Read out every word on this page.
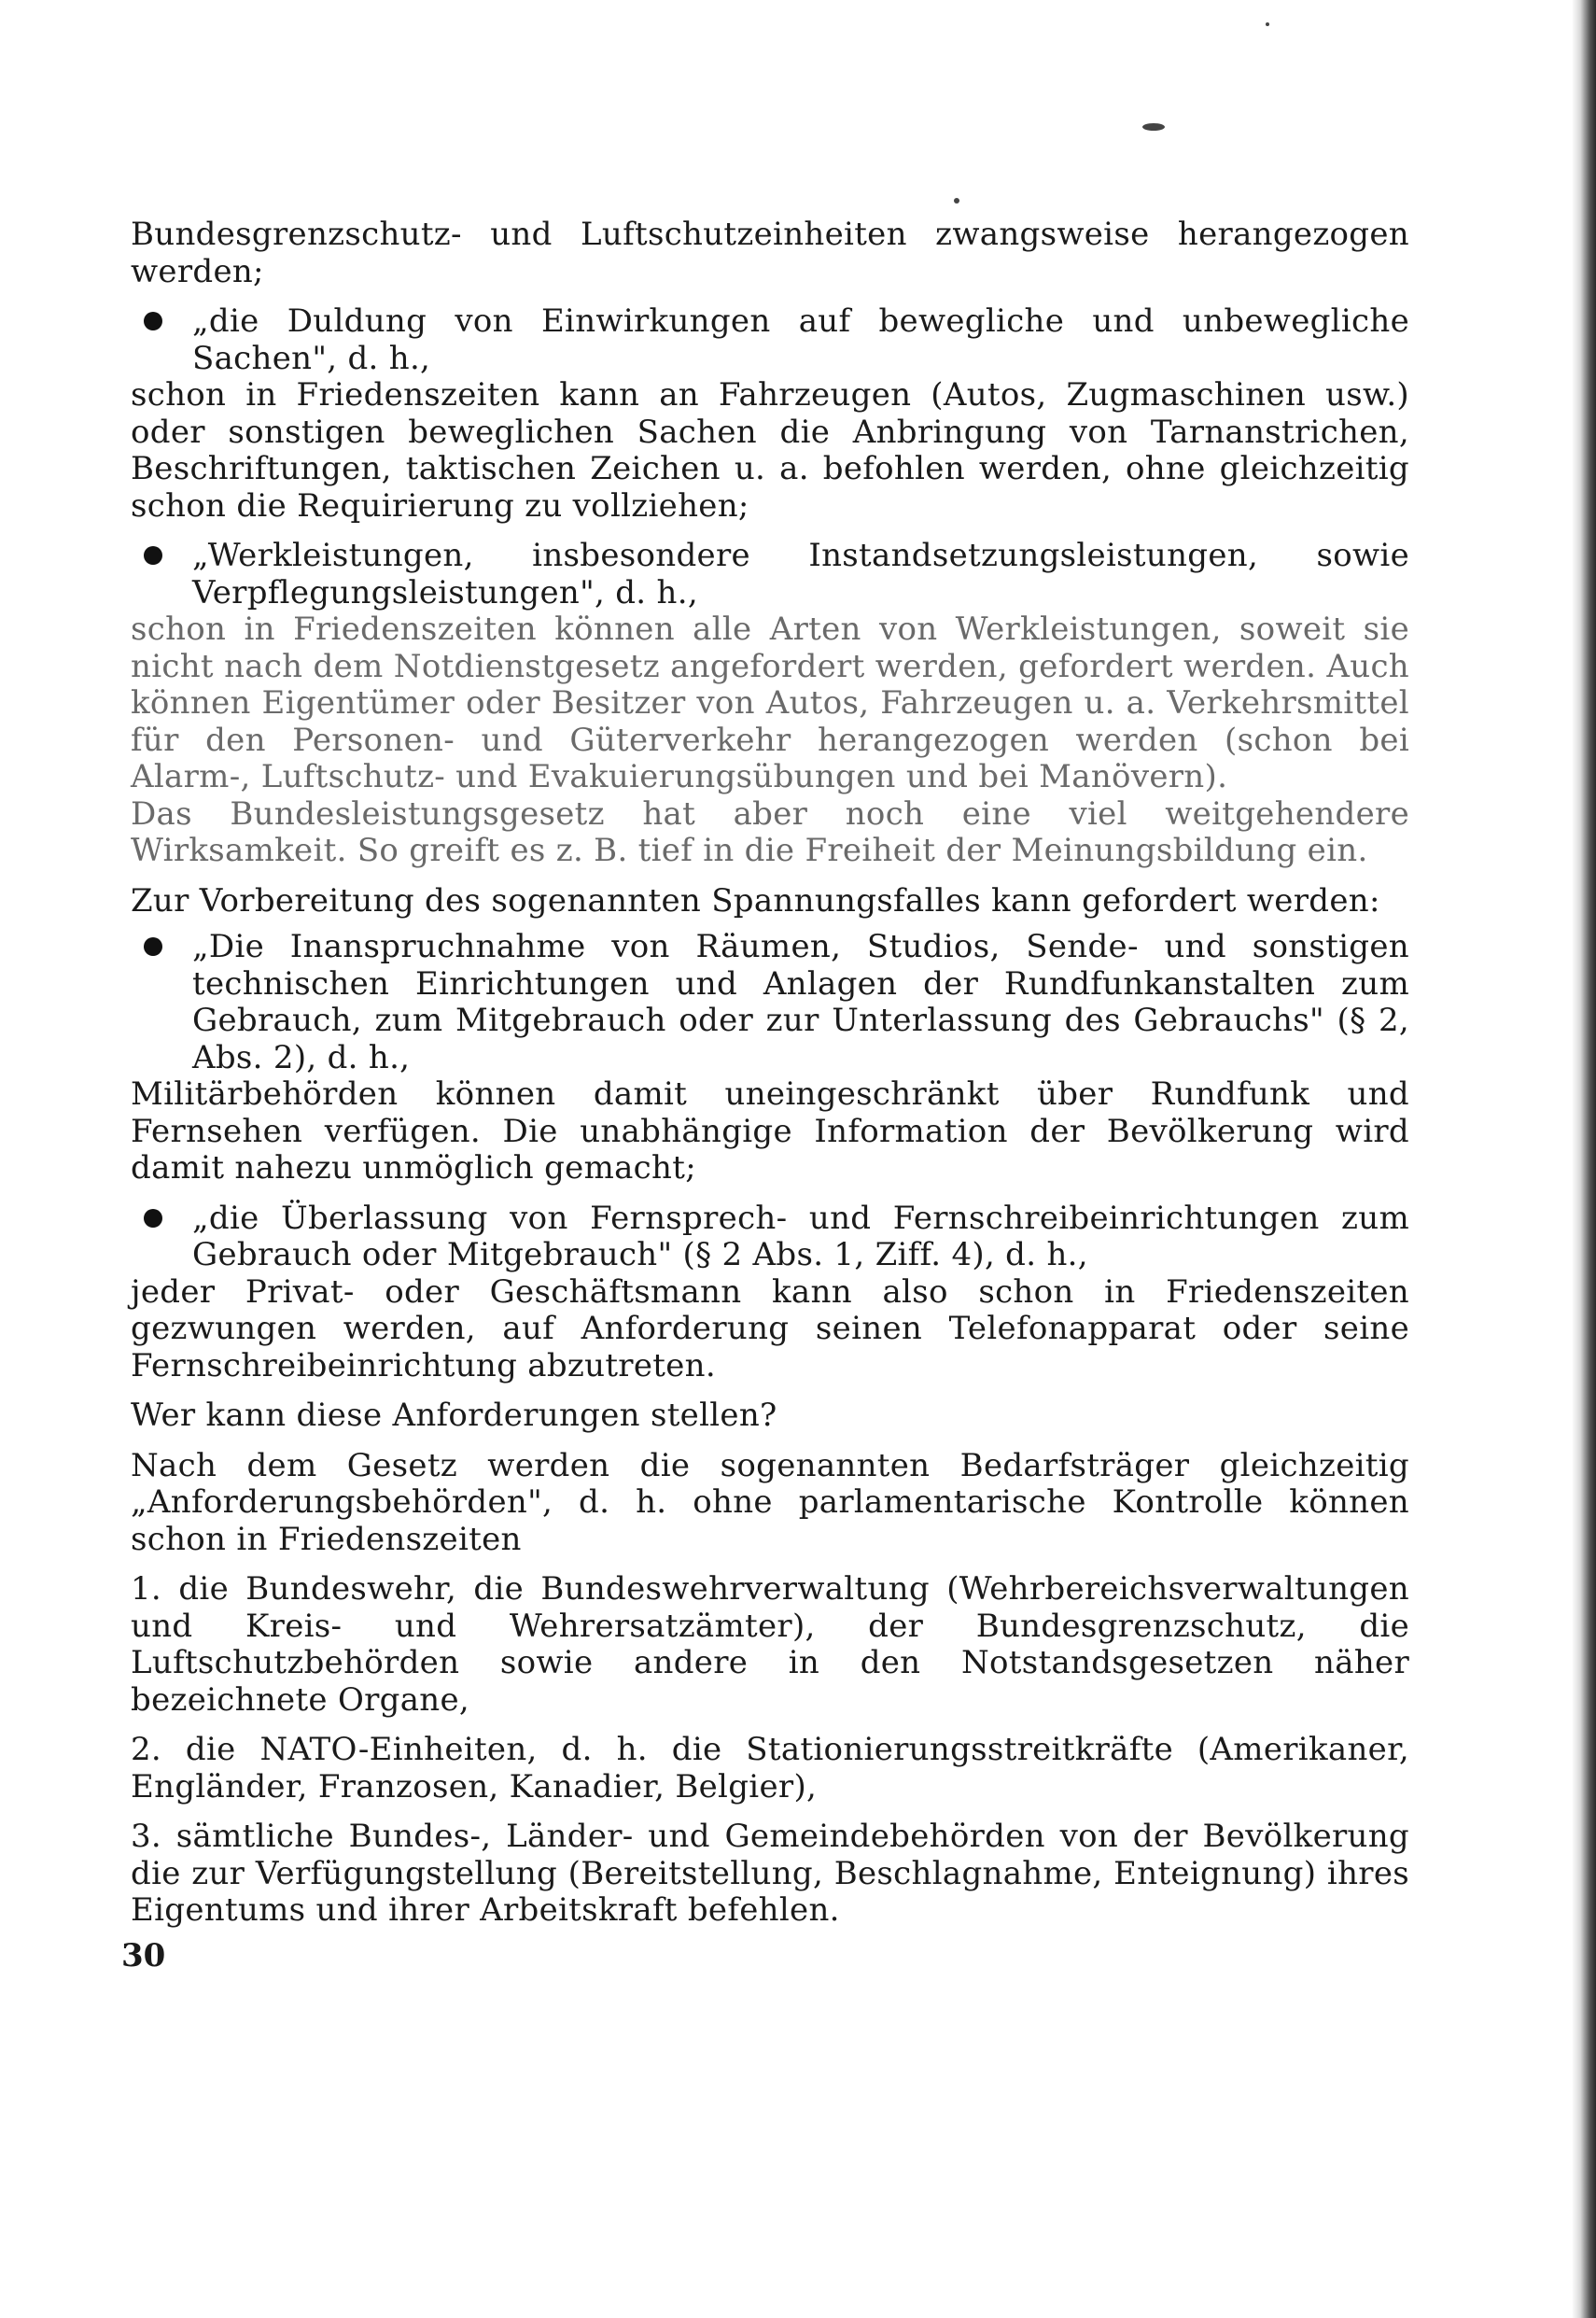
Bundesgrenzschutz- und Luftschutzeinheiten zwangsweise herangezogen werden;

„die Duldung von Einwirkungen auf bewegliche und unbewegliche Sachen", d. h.,

schon in Friedenszeiten kann an Fahrzeugen (Autos, Zugmaschinen usw.) oder sonstigen beweglichen Sachen die Anbringung von Tarnanstrichen, Beschriftungen, taktischen Zeichen u. a. befohlen werden, ohne gleichzeitig schon die Requirierung zu vollziehen;

„Werkleistungen, insbesondere Instandsetzungsleistungen, sowie Verpflegungsleistungen", d. h.,

schon in Friedenszeiten können alle Arten von Werkleistungen, soweit sie nicht nach dem Notdienstgesetz angefordert werden, gefordert werden. Auch können Eigentümer oder Besitzer von Autos, Fahrzeugen u. a. Verkehrsmittel für den Personen- und Güterverkehr herangezogen werden (schon bei Alarm-, Luftschutz- und Evakuierungsübungen und bei Manövern).

Das Bundesleistungsgesetz hat aber noch eine viel weitgehendere Wirksamkeit. So greift es z. B. tief in die Freiheit der Meinungsbildung ein.

Zur Vorbereitung des sogenannten Spannungsfalles kann gefordert werden:

„Die Inanspruchnahme von Räumen, Studios, Sende- und sonstigen technischen Einrichtungen und Anlagen der Rundfunkanstalten zum Gebrauch, zum Mitgebrauch oder zur Unterlassung des Gebrauchs" (§ 2, Abs. 2), d. h.,

Militärbehörden können damit uneingeschränkt über Rundfunk und Fernsehen verfügen. Die unabhängige Information der Bevölkerung wird damit nahezu unmöglich gemacht;

„die Überlassung von Fernsprech- und Fernschreibeinrichtungen zum Gebrauch oder Mitgebrauch" (§ 2 Abs. 1, Ziff. 4), d. h.,

jeder Privat- oder Geschäftsmann kann also schon in Friedenszeiten gezwungen werden, auf Anforderung seinen Telefonapparat oder seine Fernschreibeinrichtung abzutreten.

Wer kann diese Anforderungen stellen?

Nach dem Gesetz werden die sogenannten Bedarfsträger gleichzeitig „Anforderungsbehörden", d. h. ohne parlamentarische Kontrolle können schon in Friedenszeiten

1. die Bundeswehr, die Bundeswehrverwaltung (Wehrbereichsverwaltungen und Kreis- und Wehrersatzämter), der Bundesgrenzschutz, die Luftschutzbehörden sowie andere in den Notstandsgesetzen näher bezeichnete Organe,

2. die NATO-Einheiten, d. h. die Stationierungsstreitkräfte (Amerikaner, Engländer, Franzosen, Kanadier, Belgier),

3. sämtliche Bundes-, Länder- und Gemeindebehörden von der Bevölkerung die zur Verfügungstellung (Bereitstellung, Beschlagnahme, Enteignung) ihres Eigentums und ihrer Arbeitskraft befehlen.

30
